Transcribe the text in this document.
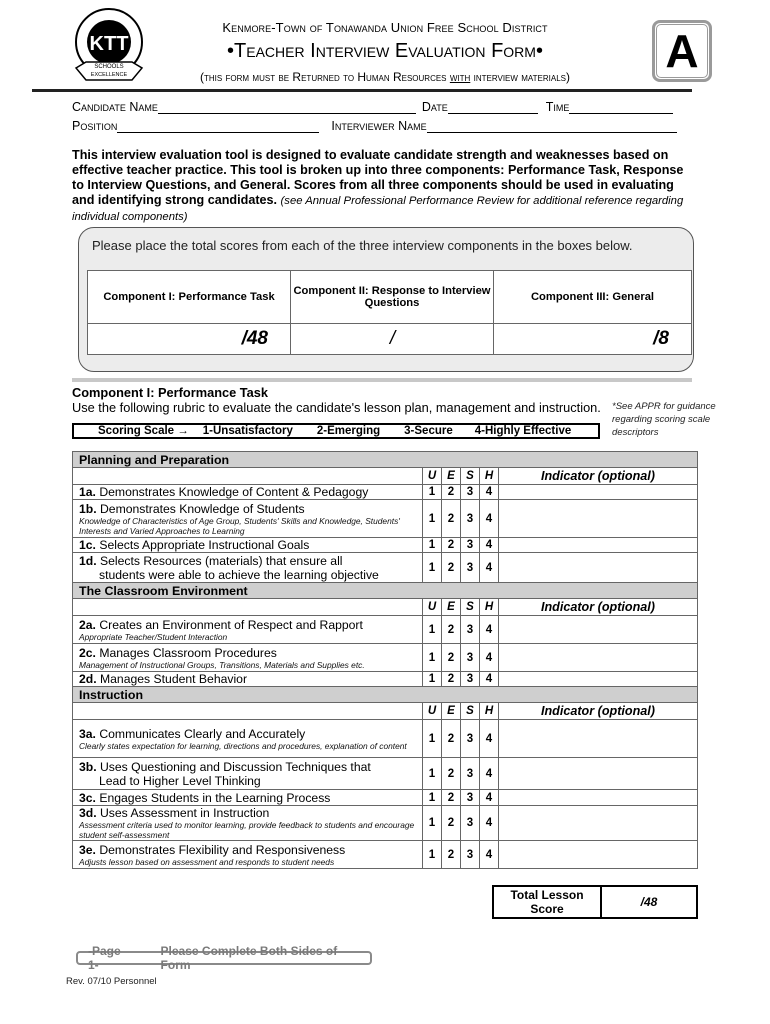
KTT
SCHOOLS
EXCELLENCE
Kenmore-Town of Tonawanda Union Free School District
•Teacher Interview Evaluation Form•
(this form must be Returned to Human Resources with interview materials)	A
Candidate Name	Date	Time
Position	Interviewer Name
This interview evaluation tool is designed to evaluate candidate strength and weaknesses based on effective teacher practice. This tool is broken up into three components: Performance Task, Response to Interview Questions, and General. Scores from all three components should be used in evaluating and identifying strong candidates. (see Annual Professional Performance Review for additional reference regarding individual components)
Please place the total scores from each of the three interview components in the boxes below.
Component I: Performance Task	Component II: Response to Interview Questions	Component III: General
/48	/	/8
Component I: Performance Task
Use the following rubric to evaluate the candidate's lesson plan, management and instruction. *See APPR for guidance regarding scoring scale descriptors
Scoring Scale → 1-Unsatisfactory 2-Emerging 3-Secure 4-Highly Effective
Planning and Preparation					
	U	E	S	H	Indicator (optional)
1a. Demonstrates Knowledge of Content & Pedagogy	1	2	3	4	
1b. Demonstrates Knowledge of Students
Knowledge of Characteristics of Age Group, Students' Skills and Knowledge, Students' Interests and Varied Approaches to Learning	1	2	3	4	
1c. Selects Appropriate Instructional Goals	1	2	3	4	
1d. Selects Resources (materials) that ensure all
students were able to achieve the learning objective	1	2	3	4	
The Classroom Environment					
	U	E	S	H	Indicator (optional)
2a. Creates an Environment of Respect and Rapport
Appropriate Teacher/Student Interaction	1	2	3	4	
2c. Manages Classroom Procedures
Management of Instructional Groups, Transitions, Materials and Supplies etc.	1	2	3	4	
2d. Manages Student Behavior	1	2	3	4	
Instruction					
	U	E	S	H	Indicator (optional)
3a. Communicates Clearly and Accurately
Clearly states expectation for learning, directions and procedures, explanation of content	1	2	3	4	
3b. Uses Questioning and Discussion Techniques that
Lead to Higher Level Thinking	1	2	3	4	
3c. Engages Students in the Learning Process	1	2	3	4	
3d. Uses Assessment in Instruction
Assessment criteria used to monitor learning, provide feedback to students and encourage student self-assessment	1	2	3	4	
3e. Demonstrates Flexibility and Responsiveness
Adjusts lesson based on assessment and responds to student needs	1	2	3	4	
Total Lesson Score	/48
-Page 1-
Please Complete Both Sides of Form
Rev. 07/10 Personnel
